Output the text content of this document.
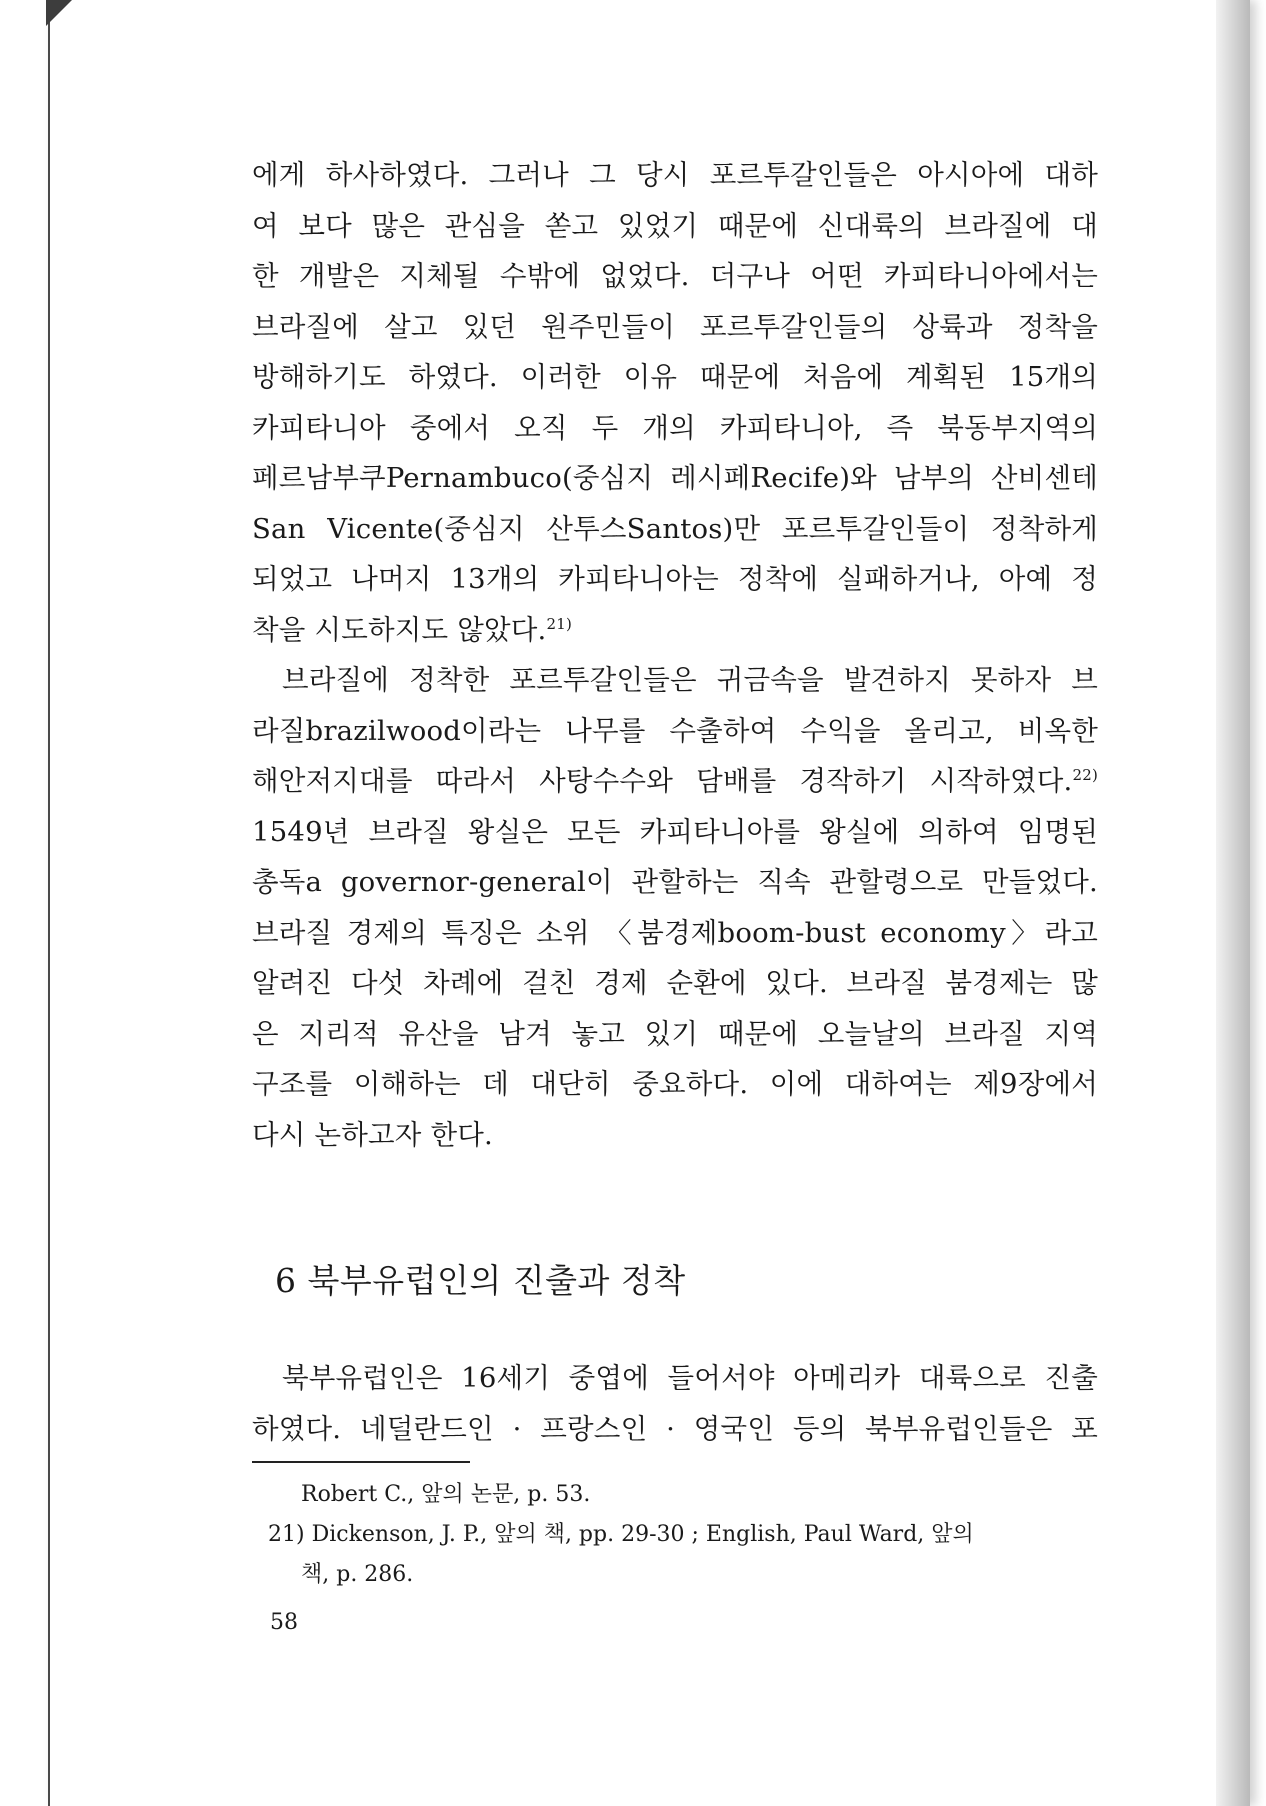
에게 하사하였다. 그러나 그 당시 포르투갈인들은 아시아에 대하
여 보다 많은 관심을 쏟고 있었기 때문에 신대륙의 브라질에 대
한 개발은 지체될 수밖에 없었다. 더구나 어떤 카피타니아에서는
브라질에 살고 있던 원주민들이 포르투갈인들의 상륙과 정착을
방해하기도 하였다. 이러한 이유 때문에 처음에 계획된 15개의
카피타니아 중에서 오직 두 개의 카피타니아, 즉 북동부지역의
페르남부쿠Pernambuco(중심지 레시페Recife)와 남부의 산비센테
San Vicente(중심지 산투스Santos)만 포르투갈인들이 정착하게
되었고 나머지 13개의 카피타니아는 정착에 실패하거나, 아예 정
착을 시도하지도 않았다.$^{21)}$
브라질에 정착한 포르투갈인들은 귀금속을 발견하지 못하자 브
라질brazilwood이라는 나무를 수출하여 수익을 올리고, 비옥한
해안저지대를 따라서 사탕수수와 담배를 경작하기 시작하였다.$^{22)}$
1549년 브라질 왕실은 모든 카피타니아를 왕실에 의하여 임명된
총독a governor-general이 관할하는 직속 관할령으로 만들었다.
브라질 경제의 특징은 소위 〈붐경제boom-bust economy〉라고
알려진 다섯 차례에 걸친 경제 순환에 있다. 브라질 붐경제는 많
은 지리적 유산을 남겨 놓고 있기 때문에 오늘날의 브라질 지역
구조를 이해하는 데 대단히 중요하다. 이에 대하여는 제9장에서
다시 논하고자 한다.
6 북부유럽인의 진출과 정착
북부유럽인은 16세기 중엽에 들어서야 아메리카 대륙으로 진출
하였다. 네덜란드인 · 프랑스인 · 영국인 등의 북부유럽인들은 포
Robert C., 앞의 논문, p. 53.
21) Dickenson, J. P., 앞의 책, pp. 29-30 ; English, Paul Ward, 앞의
책, p. 286.
58
